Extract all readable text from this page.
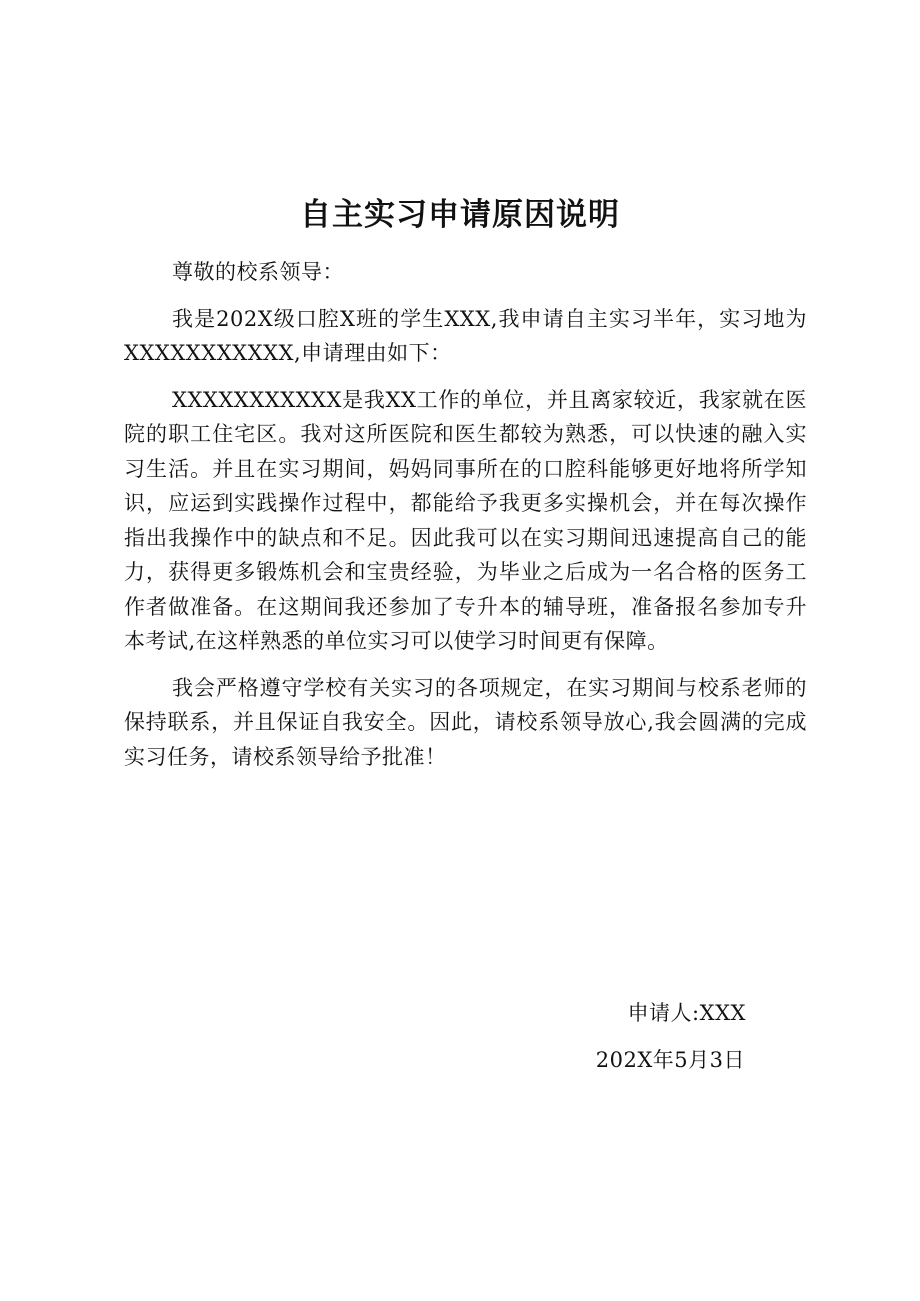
自主实习申请原因说明

尊敬的校系领导：

我是202X级口腔X班的学生XXX,我申请自主实习半年，实习地为XXXXXXXXXXX,申请理由如下：

XXXXXXXXXXX是我XX工作的单位，并且离家较近，我家就在医院的职工住宅区。我对这所医院和医生都较为熟悉，可以快速的融入实习生活。并且在实习期间，妈妈同事所在的口腔科能够更好地将所学知识，应运到实践操作过程中，都能给予我更多实操机会，并在每次操作指出我操作中的缺点和不足。因此我可以在实习期间迅速提高自己的能力，获得更多锻炼机会和宝贵经验，为毕业之后成为一名合格的医务工作者做准备。在这期间我还参加了专升本的辅导班，准备报名参加专升本考试,在这样熟悉的单位实习可以使学习时间更有保障。

我会严格遵守学校有关实习的各项规定，在实习期间与校系老师的保持联系，并且保证自我安全。因此，请校系领导放心,我会圆满的完成实习任务，请校系领导给予批准！

申请人:XXX

202X年5月3日
